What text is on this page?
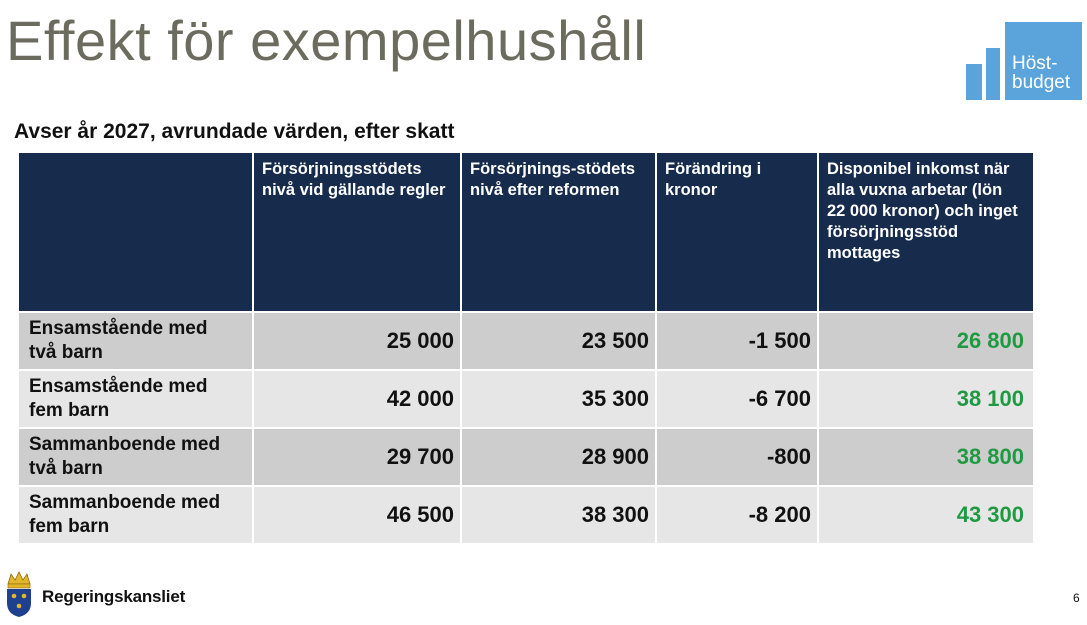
Effekt för exempelhushåll	Höst-
budget
Avser år 2027, avrundade värden, efter skatt
	Försörjningsstödets nivå vid gällande regler	Försörjnings-stödets nivå efter reformen	Förändring i kronor	Disponibel inkomst när alla vuxna arbetar (lön 22 000 kronor) och inget försörjningsstöd mottages

Ensamstående med
två barn	25 000	23 500	-1 500	26 800

Ensamstående med
fem barn	42 000	35 300	-6 700	38 100

Sammanboende med
två barn	29 700	28 900	-800	38 800

Sammanboende med
fem barn	46 500	38 300	-8 200	43 300
Regeringskansliet	6
